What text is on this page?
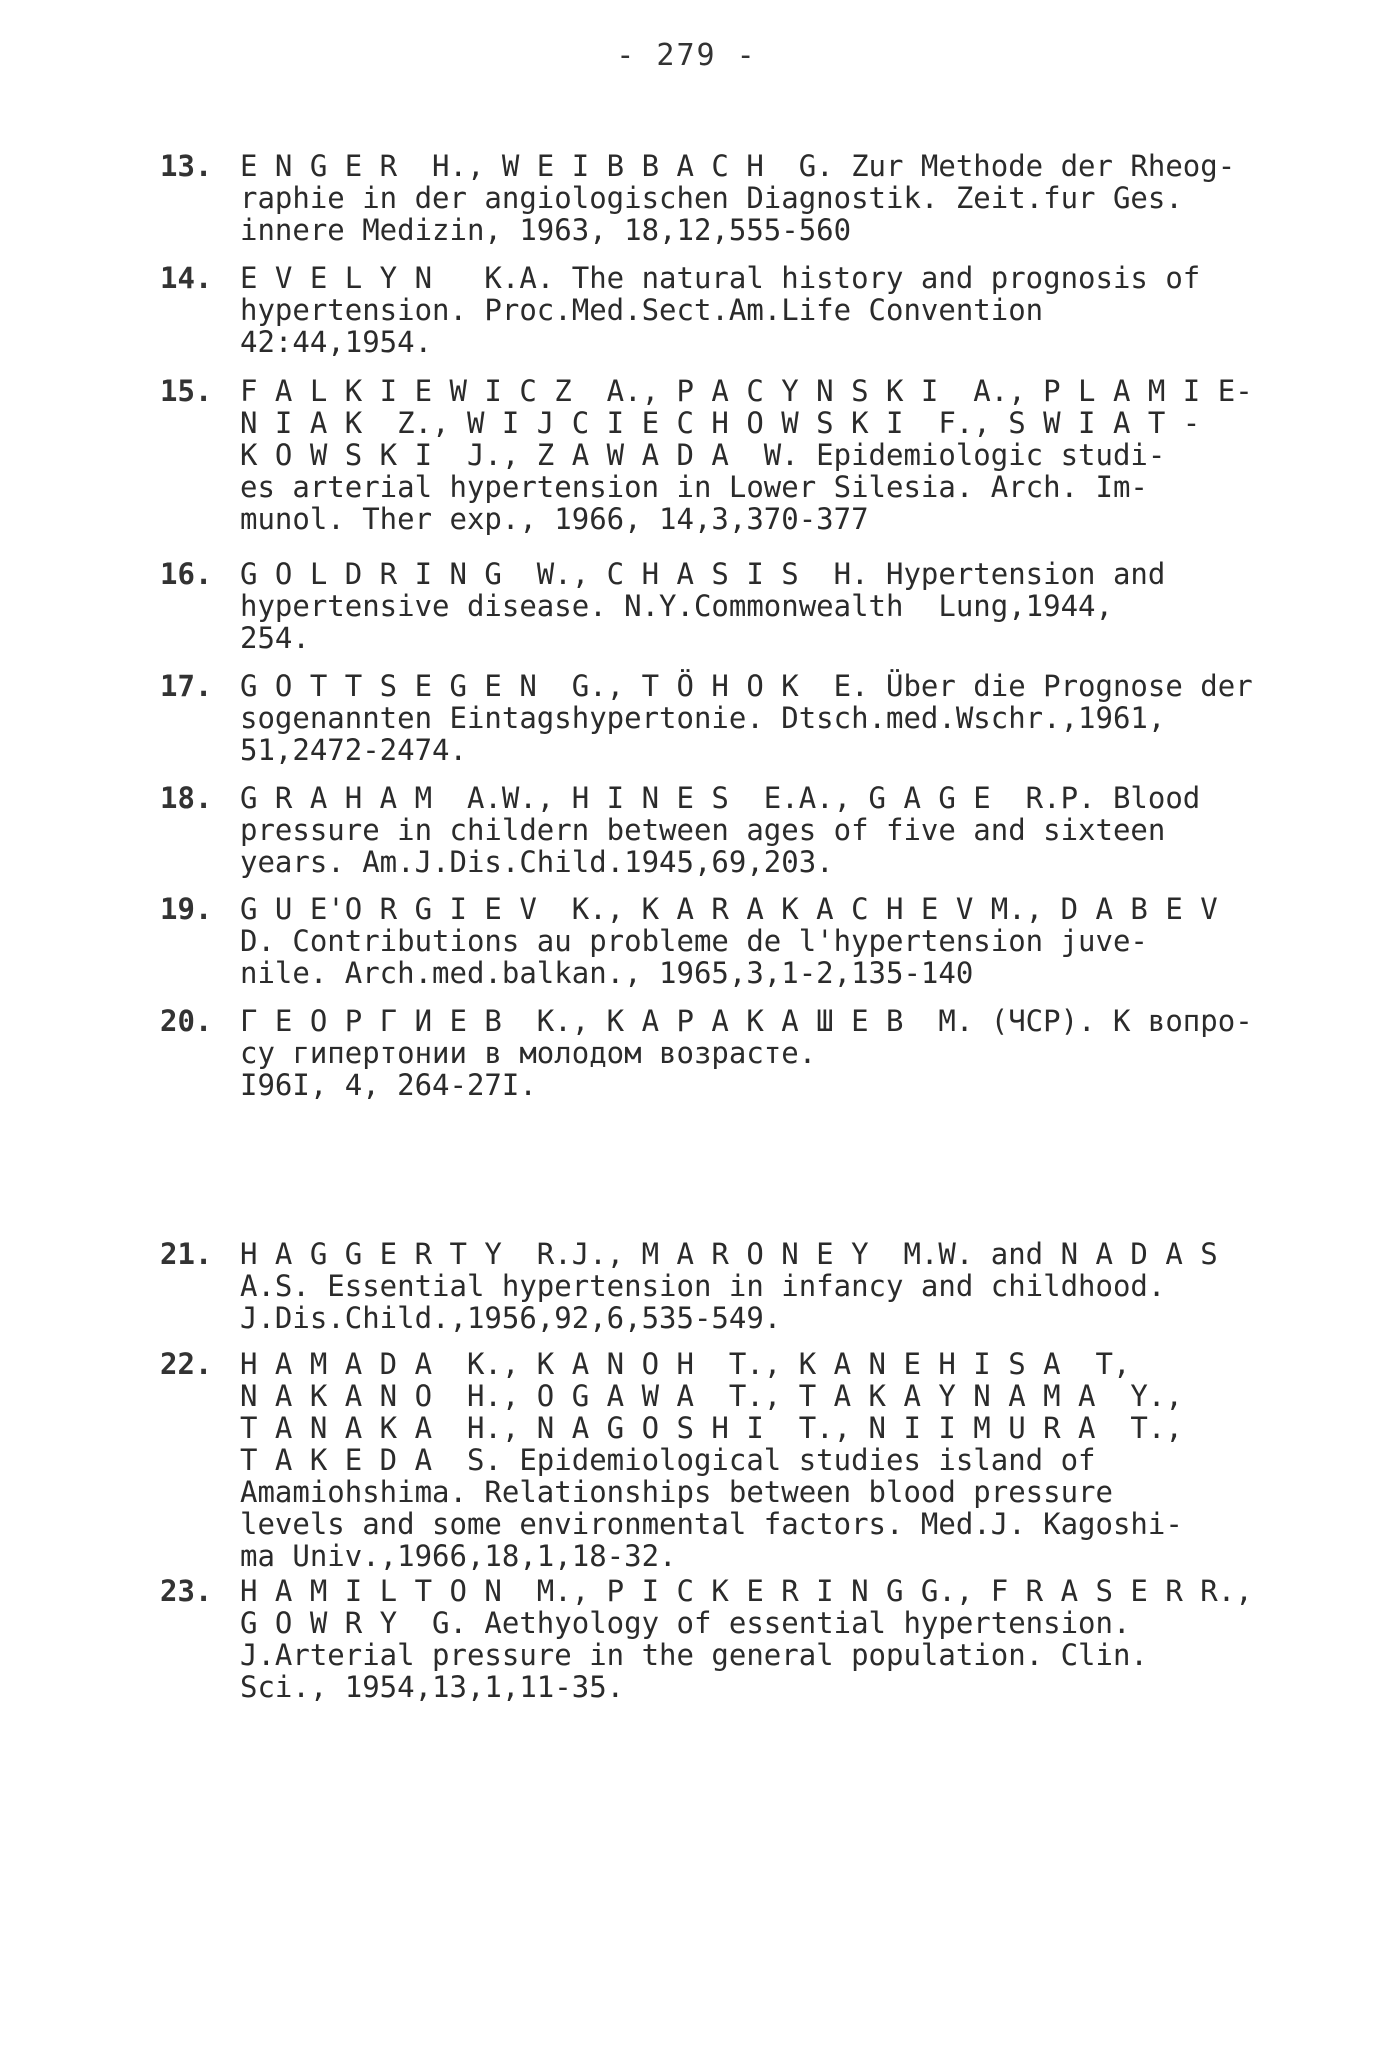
- 279 -
13. E N G E R  H., W E I B B A C H  G. Zur Methode der Rheog-
raphie in der angiologischen Diagnostik. Zeit.fur Ges.
innere Medizin, 1963, 18,12,555-560
14. E V E L Y N   K.A. The natural history and prognosis of
hypertension. Proc.Med.Sect.Am.Life Convention
42:44,1954.
15. F A L K I E W I C Z  A., P A C Y N S K I  A., P L A M I E-
N I A K  Z., W I J C I E C H O W S K I  F., S W I A T -
K O W S K I  J., Z A W A D A  W. Epidemiologic studi-
es arterial hypertension in Lower Silesia. Arch. Im-
munol. Ther exp., 1966, 14,3,370-377
16. G O L D R I N G  W., C H A S I S  H. Hypertension and
hypertensive disease. N.Y.Commonwealth  Lung,1944,
254.
17. G O T T S E G E N  G., T Ö H O K  E. Über die Prognose der
sogenannten Eintagshypertonie. Dtsch.med.Wschr.,1961,
51,2472-2474.
18. G R A H A M  A.W., H I N E S  E.A., G A G E  R.P. Blood
pressure in childern between ages of five and sixteen
years. Am.J.Dis.Child.1945,69,203.
19. G U E'O R G I E V  K., K A R A K A C H E V M., D A B E V
D. Contributions au probleme de l'hypertension juve-
nile. Arch.med.balkan., 1965,3,1-2,135-140
20. Г Е О Р Г И Е В  К., К А Р А К А Ш Е В  М. (ЧСР). К вопро-
су гипертонии в молодом возрасте.
I96I, 4, 264-27I.
21. H A G G E R T Y  R.J., M A R O N E Y  M.W. and N A D A S
A.S. Essential hypertension in infancy and childhood.
J.Dis.Child.,1956,92,6,535-549.
22. H A M A D A  K., K A N O H  T., K A N E H I S A  T,
N A K A N O  H., O G A W A  T., T A K A Y N A M A  Y.,
T A N A K A  H., N A G O S H I  T., N I I M U R A  T.,
T A K E D A  S. Epidemiological studies island of
Amamiohshima. Relationships between blood pressure
levels and some environmental factors. Med.J. Kagoshi-
ma Univ.,1966,18,1,18-32.
23. H A M I L T O N  M., P I C K E R I N G G., F R A S E R R.,
G O W R Y  G. Aethyology of essential hypertension.
J.Arterial pressure in the general population. Clin.
Sci., 1954,13,1,11-35.
